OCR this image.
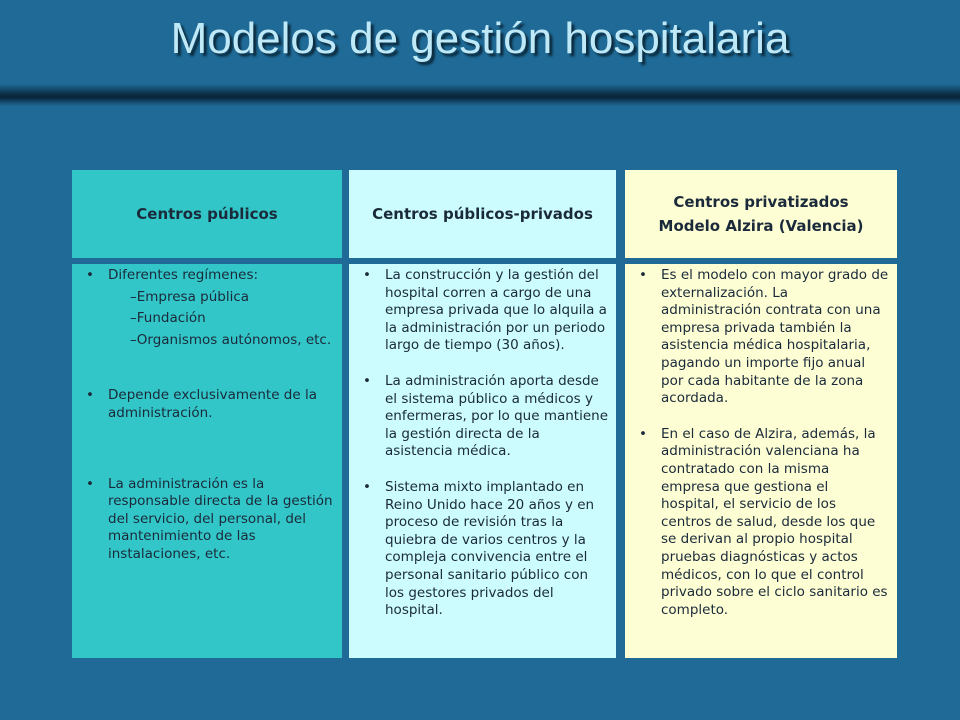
Modelos de gestión hospitalaria
Centros públicos
• Diferentes regímenes:
–Empresa pública
–Fundación
–Organismos autónomos, etc.
• Depende exclusivamente de la administración.
• La administración es la responsable directa de la gestión del servicio, del personal, del mantenimiento de las instalaciones, etc.
Centros públicos-privados
• La construcción y la gestión del hospital corren a cargo de una empresa privada que lo alquila a la administración por un periodo largo de tiempo (30 años).
• La administración aporta desde el sistema público a médicos y enfermeras, por lo que mantiene la gestión directa de la asistencia médica.
• Sistema mixto implantado en Reino Unido hace 20 años y en proceso de revisión tras la quiebra de varios centros y la compleja convivencia entre el personal sanitario público con los gestores privados del hospital.
Centros privatizados
Modelo Alzira (Valencia)
• Es el modelo con mayor grado de externalización. La administración contrata con una empresa privada también la asistencia médica hospitalaria, pagando un importe fijo anual por cada habitante de la zona acordada.
• En el caso de Alzira, además, la administración valenciana ha contratado con la misma empresa que gestiona el hospital, el servicio de los centros de salud, desde los que se derivan al propio hospital pruebas diagnósticas y actos médicos, con lo que el control privado sobre el ciclo sanitario es completo.
